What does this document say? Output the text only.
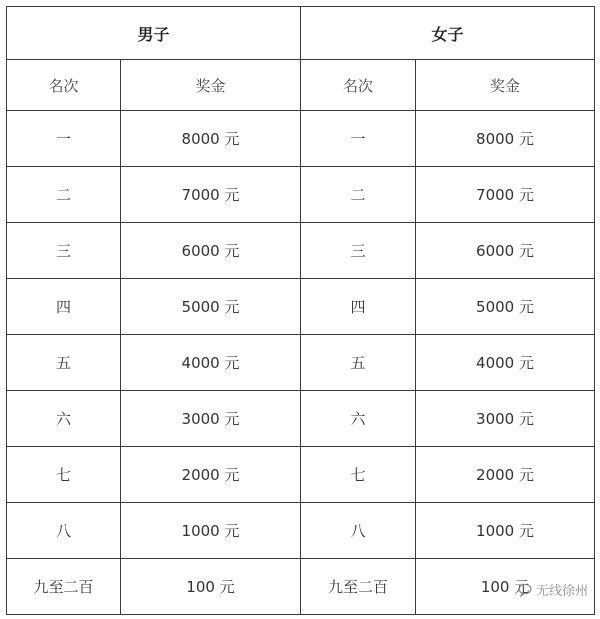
男子		女子	
名次	奖金	名次	奖金
一	8000 元	一	8000 元
二	7000 元	二	7000 元
三	6000 元	三	6000 元
四	5000 元	四	5000 元
五	4000 元	五	4000 元
六	3000 元	六	3000 元
七	2000 元	七	2000 元
八	1000 元	八	1000 元
九至二百	100 元	九至二百	100 元 无线徐州
